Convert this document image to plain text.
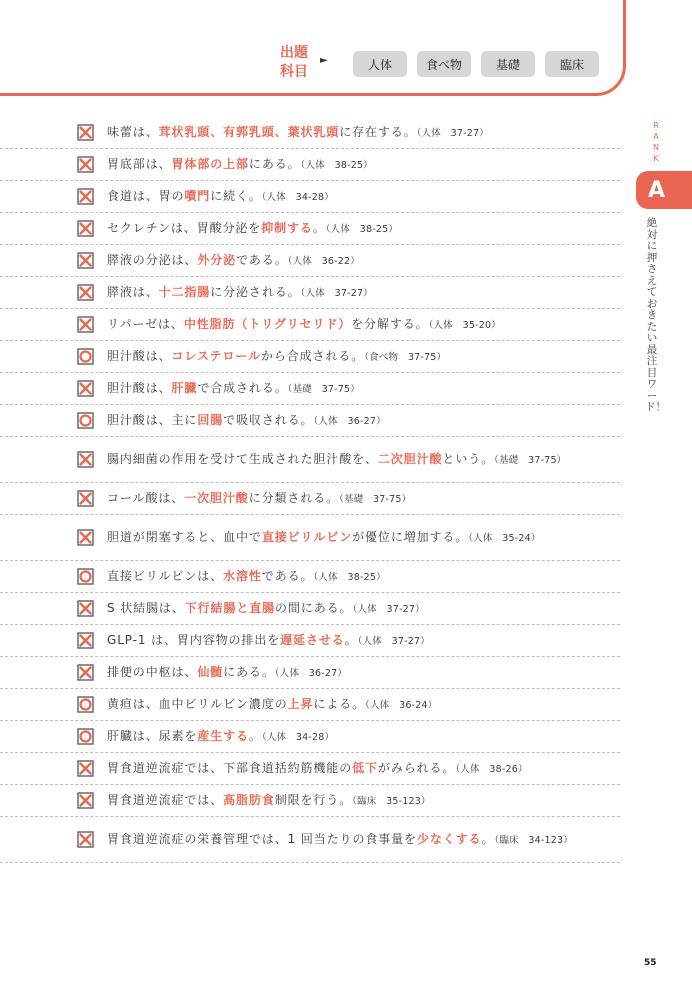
出題
科目
►	人体	食べ物	基礎	臨床
R
A
N
K
A
絶対に押さえておきたい最注目ワード！
味蕾は、茸状乳頭、有郭乳頭、葉状乳頭に存在する。（人体　37-27）
胃底部は、胃体部の上部にある。（人体　38-25）
食道は、胃の噴門に続く。（人体　34-28）
セクレチンは、胃酸分泌を抑制する。（人体　38-25）
膵液の分泌は、外分泌である。（人体　36-22）
膵液は、十二指腸に分泌される。（人体　37-27）
リパーゼは、中性脂肪（トリグリセリド）を分解する。（人体　35-20）
胆汁酸は、コレステロールから合成される。（食べ物　37-75）
胆汁酸は、肝臓で合成される。（基礎　37-75）
胆汁酸は、主に回腸で吸収される。（人体　36-27）
腸内細菌の作用を受けて生成された胆汁酸を、二次胆汁酸という。（基礎　37-75）
コール酸は、一次胆汁酸に分類される。（基礎　37-75）
胆道が閉塞すると、血中で直接ビリルビンが優位に増加する。（人体　35-24）
直接ビリルビンは、水溶性である。（人体　38-25）
S 状結腸は、下行結腸と直腸の間にある。（人体　37-27）
GLP-1 は、胃内容物の排出を遅延させる。（人体　37-27）
排便の中枢は、仙髄にある。（人体　36-27）
黄疸は、血中ビリルビン濃度の上昇による。（人体　36-24）
肝臓は、尿素を産生する。（人体　34-28）
胃食道逆流症では、下部食道括約筋機能の低下がみられる。（人体　38-26）
胃食道逆流症では、高脂肪食制限を行う。（臨床　35-123）
胃食道逆流症の栄養管理では、1 回当たりの食事量を少なくする。（臨床　34-123）
55
